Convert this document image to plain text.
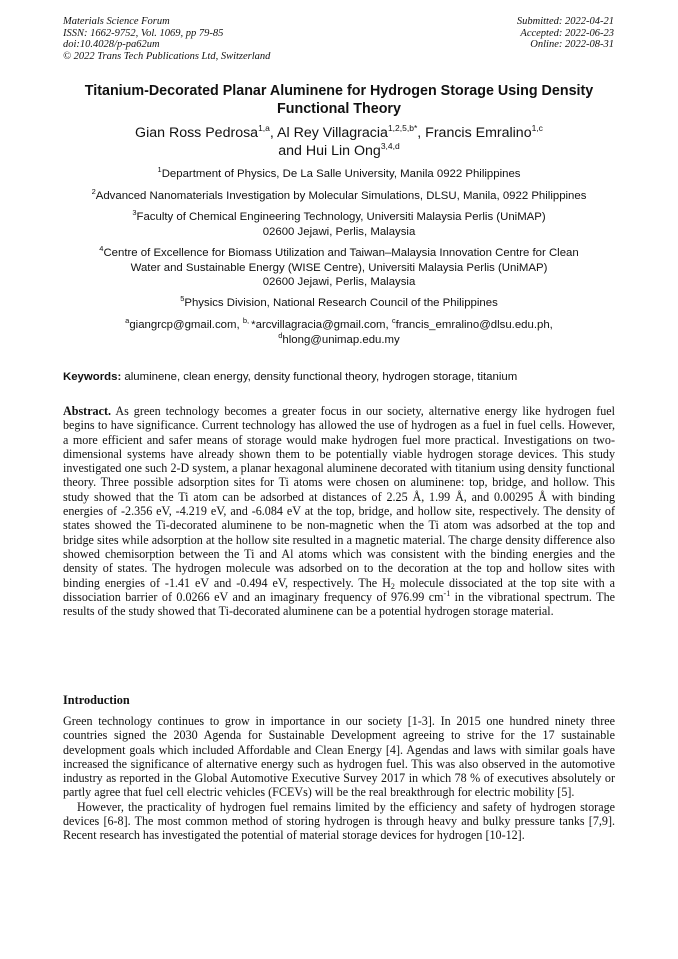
Materials Science Forum
ISSN: 1662-9752, Vol. 1069, pp 79-85
doi:10.4028/p-pa62um
© 2022 Trans Tech Publications Ltd, Switzerland
Submitted: 2022-04-21
Accepted: 2022-06-23
Online: 2022-08-31
Titanium-Decorated Planar Aluminene for Hydrogen Storage Using Density Functional Theory
Gian Ross Pedrosa$^{1,a}$, Al Rey Villagracia$^{1,2,5,b*}$, Francis Emralino$^{1,c}$
and Hui Lin Ong$^{3,4,d}$
$^1$Department of Physics, De La Salle University, Manila 0922 Philippines
$^2$Advanced Nanomaterials Investigation by Molecular Simulations, DLSU, Manila, 0922 Philippines
$^3$Faculty of Chemical Engineering Technology, Universiti Malaysia Perlis (UniMAP)
02600 Jejawi, Perlis, Malaysia
$^4$Centre of Excellence for Biomass Utilization and Taiwan–Malaysia Innovation Centre for Clean
Water and Sustainable Energy (WISE Centre), Universiti Malaysia Perlis (UniMAP)
02600 Jejawi, Perlis, Malaysia
$^5$Physics Division, National Research Council of the Philippines
$^a$giangrcp@gmail.com, $^{b,}$ *arcvillagracia@gmail.com, $^c$francis_emralino@dlsu.edu.ph,
$^d$hlong@unimap.edu.my
Keywords: aluminene, clean energy, density functional theory, hydrogen storage, titanium
Abstract. As green technology becomes a greater focus in our society, alternative energy like hydrogen fuel begins to have significance. Current technology has allowed the use of hydrogen as a fuel in fuel cells. However, a more efficient and safer means of storage would make hydrogen fuel more practical. Investigations on two-dimensional systems have already shown them to be potentially viable hydrogen storage devices. This study investigated one such 2-D system, a planar hexagonal aluminene decorated with titanium using density functional theory. Three possible adsorption sites for Ti atoms were chosen on aluminene: top, bridge, and hollow. This study showed that the Ti atom can be adsorbed at distances of 2.25 Å, 1.99 Å, and 0.00295 Å with binding energies of -2.356 eV, -4.219 eV, and -6.084 eV at the top, bridge, and hollow site, respectively. The density of states showed the Ti-decorated aluminene to be non-magnetic when the Ti atom was adsorbed at the top and bridge sites while adsorption at the hollow site resulted in a magnetic material. The charge density difference also showed chemisorption between the Ti and Al atoms which was consistent with the binding energies and the density of states. The hydrogen molecule was adsorbed on to the decoration at the top and hollow sites with binding energies of -1.41 eV and -0.494 eV, respectively. The $H_2$ molecule dissociated at the top site with a dissociation barrier of 0.0266 eV and an imaginary frequency of 976.99 $cm^{-1}$ in the vibrational spectrum. The results of the study showed that Ti-decorated aluminene can be a potential hydrogen storage material.
Introduction

Green technology continues to grow in importance in our society [1-3]. In 2015 one hundred ninety three countries signed the 2030 Agenda for Sustainable Development agreeing to strive for the 17 sustainable development goals which included Affordable and Clean Energy [4]. Agendas and laws with similar goals have increased the significance of alternative energy such as hydrogen fuel. This was also observed in the automotive industry as reported in the Global Automotive Executive Survey 2017 in which 78 % of executives absolutely or partly agree that fuel cell electric vehicles (FCEVs) will be the real breakthrough for electric mobility [5].

However, the practicality of hydrogen fuel remains limited by the efficiency and safety of hydrogen storage devices [6-8]. The most common method of storing hydrogen is through heavy and bulky pressure tanks [7,9]. Recent research has investigated the potential of material storage devices for hydrogen [10-12].
